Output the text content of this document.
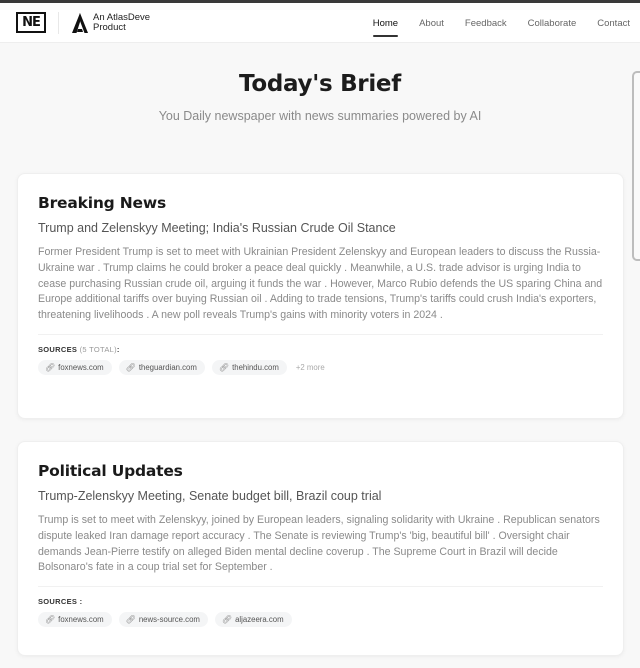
NE	An AtlasDeve
Product	Home About Feedback Collaborate Contact
Today's Brief

You Daily newspaper with news summaries powered by AI

Breaking News
Trump and Zelenskyy Meeting; India's Russian Crude Oil Stance

Former President Trump is set to meet with Ukrainian President Zelenskyy and European leaders to discuss the Russia-Ukraine war . Trump claims he could broker a peace deal quickly . Meanwhile, a U.S. trade advisor is urging India to cease purchasing Russian crude oil, arguing it funds the war . However, Marco Rubio defends the US sparing China and Europe additional tariffs over buying Russian oil . Adding to trade tensions, Trump's tariffs could crush India's exporters, threatening livelihoods . A new poll reveals Trump's gains with minority voters in 2024 .

SOURCES (5 TOTAL):
🔗︎ foxnews.com	🔗︎ theguardian.com	🔗︎ thehindu.com +2 more
Political Updates
Trump-Zelenskyy Meeting, Senate budget bill, Brazil coup trial

Trump is set to meet with Zelenskyy, joined by European leaders, signaling solidarity with Ukraine . Republican senators dispute leaked Iran damage report accuracy . The Senate is reviewing Trump's 'big, beautiful bill' . Oversight chair demands Jean-Pierre testify on alleged Biden mental decline coverup . The Supreme Court in Brazil will decide Bolsonaro's fate in a coup trial set for September .

SOURCES :
🔗︎ foxnews.com	🔗︎ news-source.com	🔗︎ aljazeera.com
